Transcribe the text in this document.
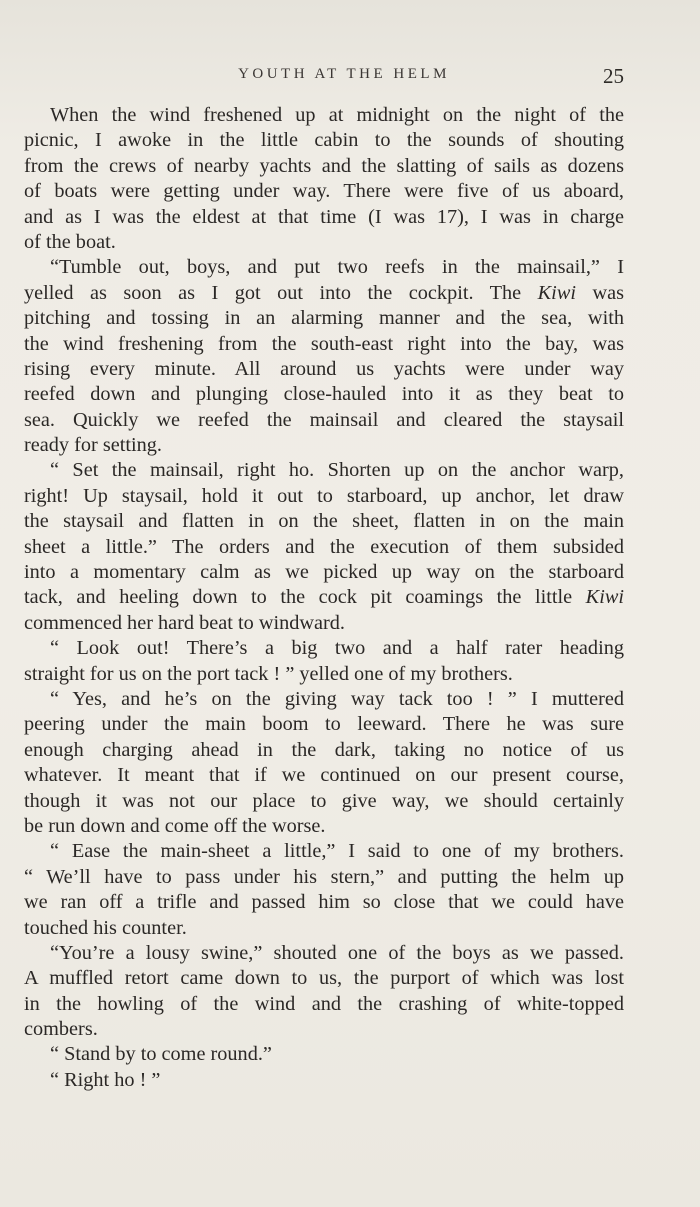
YOUTH AT THE HELM	25

When the wind freshened up at midnight on the night of the
picnic, I awoke in the little cabin to the sounds of shouting
from the crews of nearby yachts and the slatting of sails as dozens
of boats were getting under way. There were five of us aboard,
and as I was the eldest at that time (I was 17), I was in charge
of the boat.

“Tumble out, boys, and put two reefs in the mainsail,” I
yelled as soon as I got out into the cockpit. The Kiwi was
pitching and tossing in an alarming manner and the sea, with
the wind freshening from the south-east right into the bay, was
rising every minute. All around us yachts were under way
reefed down and plunging close-hauled into it as they beat to
sea. Quickly we reefed the mainsail and cleared the staysail
ready for setting.

“ Set the mainsail, right ho. Shorten up on the anchor warp,
right! Up staysail, hold it out to starboard, up anchor, let draw
the staysail and flatten in on the sheet, flatten in on the main
sheet a little.” The orders and the execution of them subsided
into a momentary calm as we picked up way on the starboard
tack, and heeling down to the cock pit coamings the little Kiwi
commenced her hard beat to windward.

“ Look out! There’s a big two and a half rater heading
straight for us on the port tack ! ” yelled one of my brothers.

“ Yes, and he’s on the giving way tack too ! ” I muttered
peering under the main boom to leeward. There he was sure
enough charging ahead in the dark, taking no notice of us
whatever. It meant that if we continued on our present course,
though it was not our place to give way, we should certainly
be run down and come off the worse.

“ Ease the main-sheet a little,” I said to one of my brothers.
“ We’ll have to pass under his stern,” and putting the helm up
we ran off a trifle and passed him so close that we could have
touched his counter.

“You’re a lousy swine,” shouted one of the boys as we passed.
A muffled retort came down to us, the purport of which was lost
in the howling of the wind and the crashing of white-topped
combers.

“ Stand by to come round.”

“ Right ho ! ”
